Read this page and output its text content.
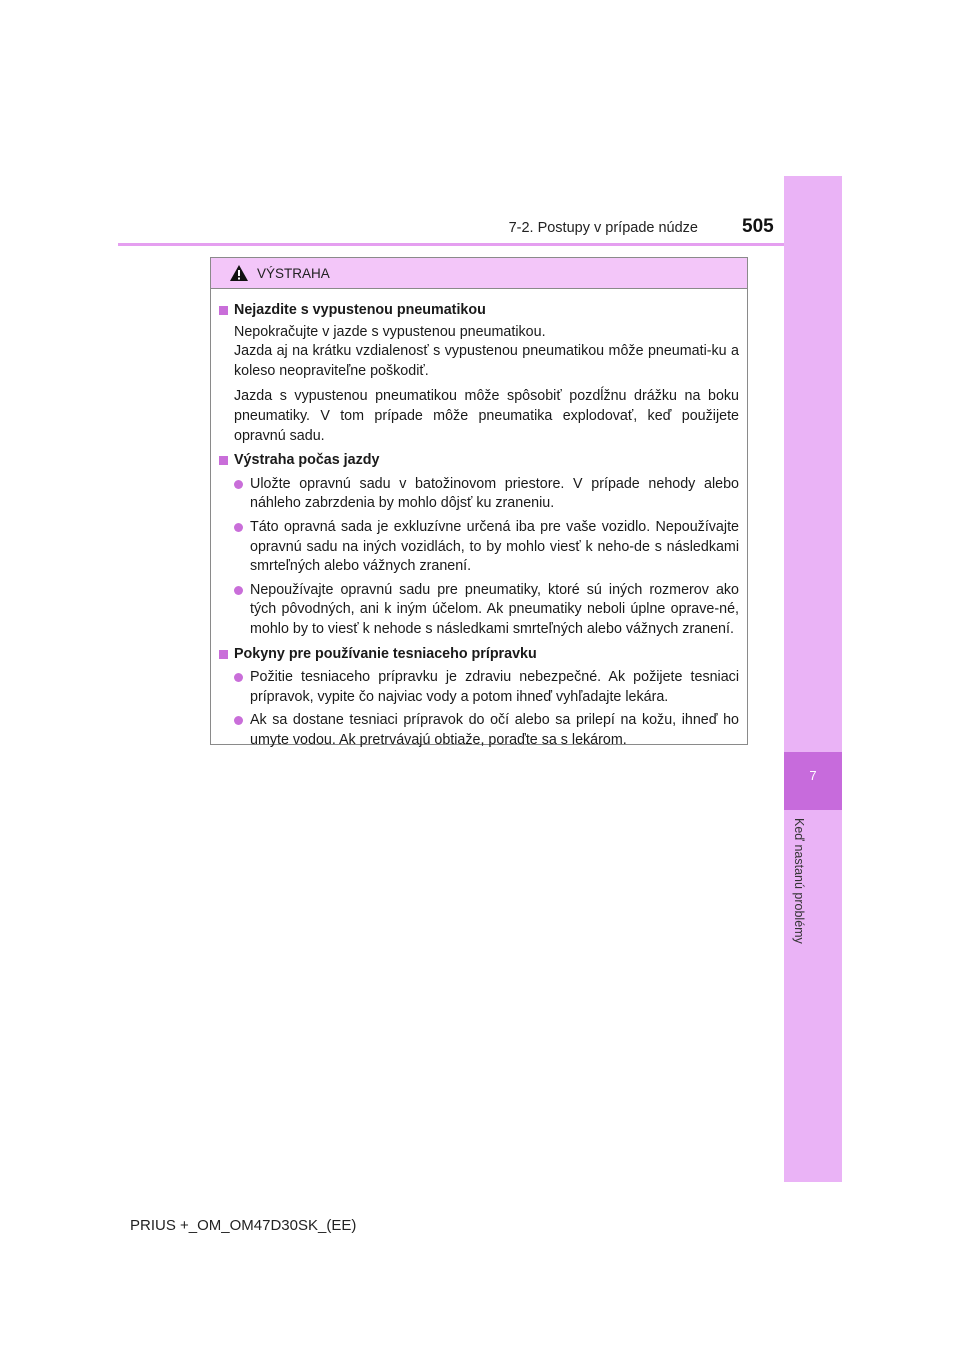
7-2. Postupy v prípade núdze 505
7
Keď nastanú problémy
VÝSTRAHA
Nejazdite s vypustenou pneumatikou
Nepokračujte v jazde s vypustenou pneumatikou.
Jazda aj na krátku vzdialenosť s vypustenou pneumatikou môže pneumati-ku a koleso neopraviteľne poškodiť.
Jazda s vypustenou pneumatikou môže spôsobiť pozdĺžnu drážku na boku pneumatiky. V tom prípade môže pneumatika explodovať, keď použijete opravnú sadu.
Výstraha počas jazdy
Uložte opravnú sadu v batožinovom priestore. V prípade nehody alebo náhleho zabrzdenia by mohlo dôjsť ku zraneniu.
Táto opravná sada je exkluzívne určená iba pre vaše vozidlo. Nepoužívajte opravnú sadu na iných vozidlách, to by mohlo viesť k neho-de s následkami smrteľných alebo vážnych zranení.
Nepoužívajte opravnú sadu pre pneumatiky, ktoré sú iných rozmerov ako tých pôvodných, ani k iným účelom. Ak pneumatiky neboli úplne oprave-né, mohlo by to viesť k nehode s následkami smrteľných alebo vážnych zranení.
Pokyny pre používanie tesniaceho prípravku
Požitie tesniaceho prípravku je zdraviu nebezpečné. Ak požijete tesniaci prípravok, vypite čo najviac vody a potom ihneď vyhľadajte lekára.
Ak sa dostane tesniaci prípravok do očí alebo sa prilepí na kožu, ihneď ho umyte vodou. Ak pretrvávajú obtiaže, poraďte sa s lekárom.
PRIUS +_OM_OM47D30SK_(EE)
